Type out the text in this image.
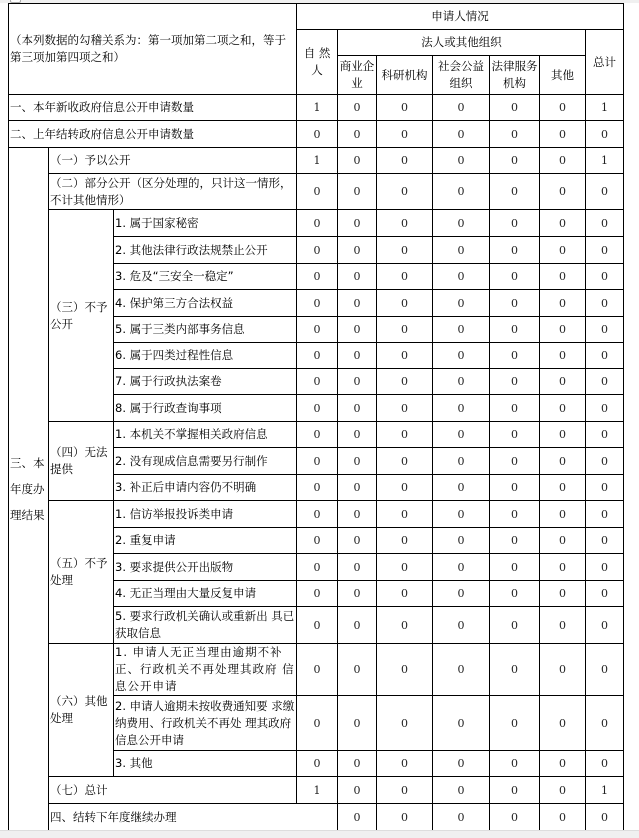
（本列数据的勾稽关系为：第一项加第二项之和，等于第三项加第四项之和）			申请人情况							
			自 然 人	法人或其他组织					总计	
				商业企业	科研机构	社会公益组织	法律服务机构	其他		
一、本年新收政府信息公开申请数量			1	0	0	0	0	0	1	
二、上年结转政府信息公开申请数量			0	0	0	0	0	0	0	
三、本年度办理结果	（一）予以公开		1	0	0	0	0	0	1	
	（二）部分公开（区分处理的，只计这一情形，不计其他情形）		0	0	0	0	0	0	0	
	（三）不予公开	1. 属于国家秘密	0	0	0	0	0	0	0	
		2. 其他法律行政法规禁止公开	0	0	0	0	0	0	0	
		3. 危及“三安全一稳定”	0	0	0	0	0	0	0	
		4. 保护第三方合法权益	0	0	0	0	0	0	0	
		5. 属于三类内部事务信息	0	0	0	0	0	0	0	
		6. 属于四类过程性信息	0	0	0	0	0	0	0	
		7. 属于行政执法案卷	0	0	0	0	0	0	0	
		8. 属于行政查询事项	0	0	0	0	0	0	0	
	（四）无法提供	1. 本机关不掌握相关政府信息	0	0	0	0	0	0	0	
		2. 没有现成信息需要另行制作	0	0	0	0	0	0	0	
		3. 补正后申请内容仍不明确	0	0	0	0	0	0	0	
	（五）不予处理	1. 信访举报投诉类申请	0	0	0	0	0	0	0	
		2. 重复申请	0	0	0	0	0	0	0	
		3. 要求提供公开出版物	0	0	0	0	0	0	0	
		4. 无正当理由大量反复申请	0	0	0	0	0	0	0	
		5. 要求行政机关确认或重新出 具已获取信息	0	0	0	0	0	0	0	
	（六）其他处理	1. 申请人无正当理由逾期不补正、行政机关不再处理其政府 信息公开申请	0	0	0	0	0	0	0	
		2. 申请人逾期未按收费通知要 求缴纳费用、行政机关不再处 理其政府信息公开申请	0	0	0	0	0	0	0	
		3. 其他	0	0	0	0	0	0	0	
	（七）总计		1	0	0	0	0	0	1	
	四、结转下年度继续办理			0	0	0	0	0	0	
